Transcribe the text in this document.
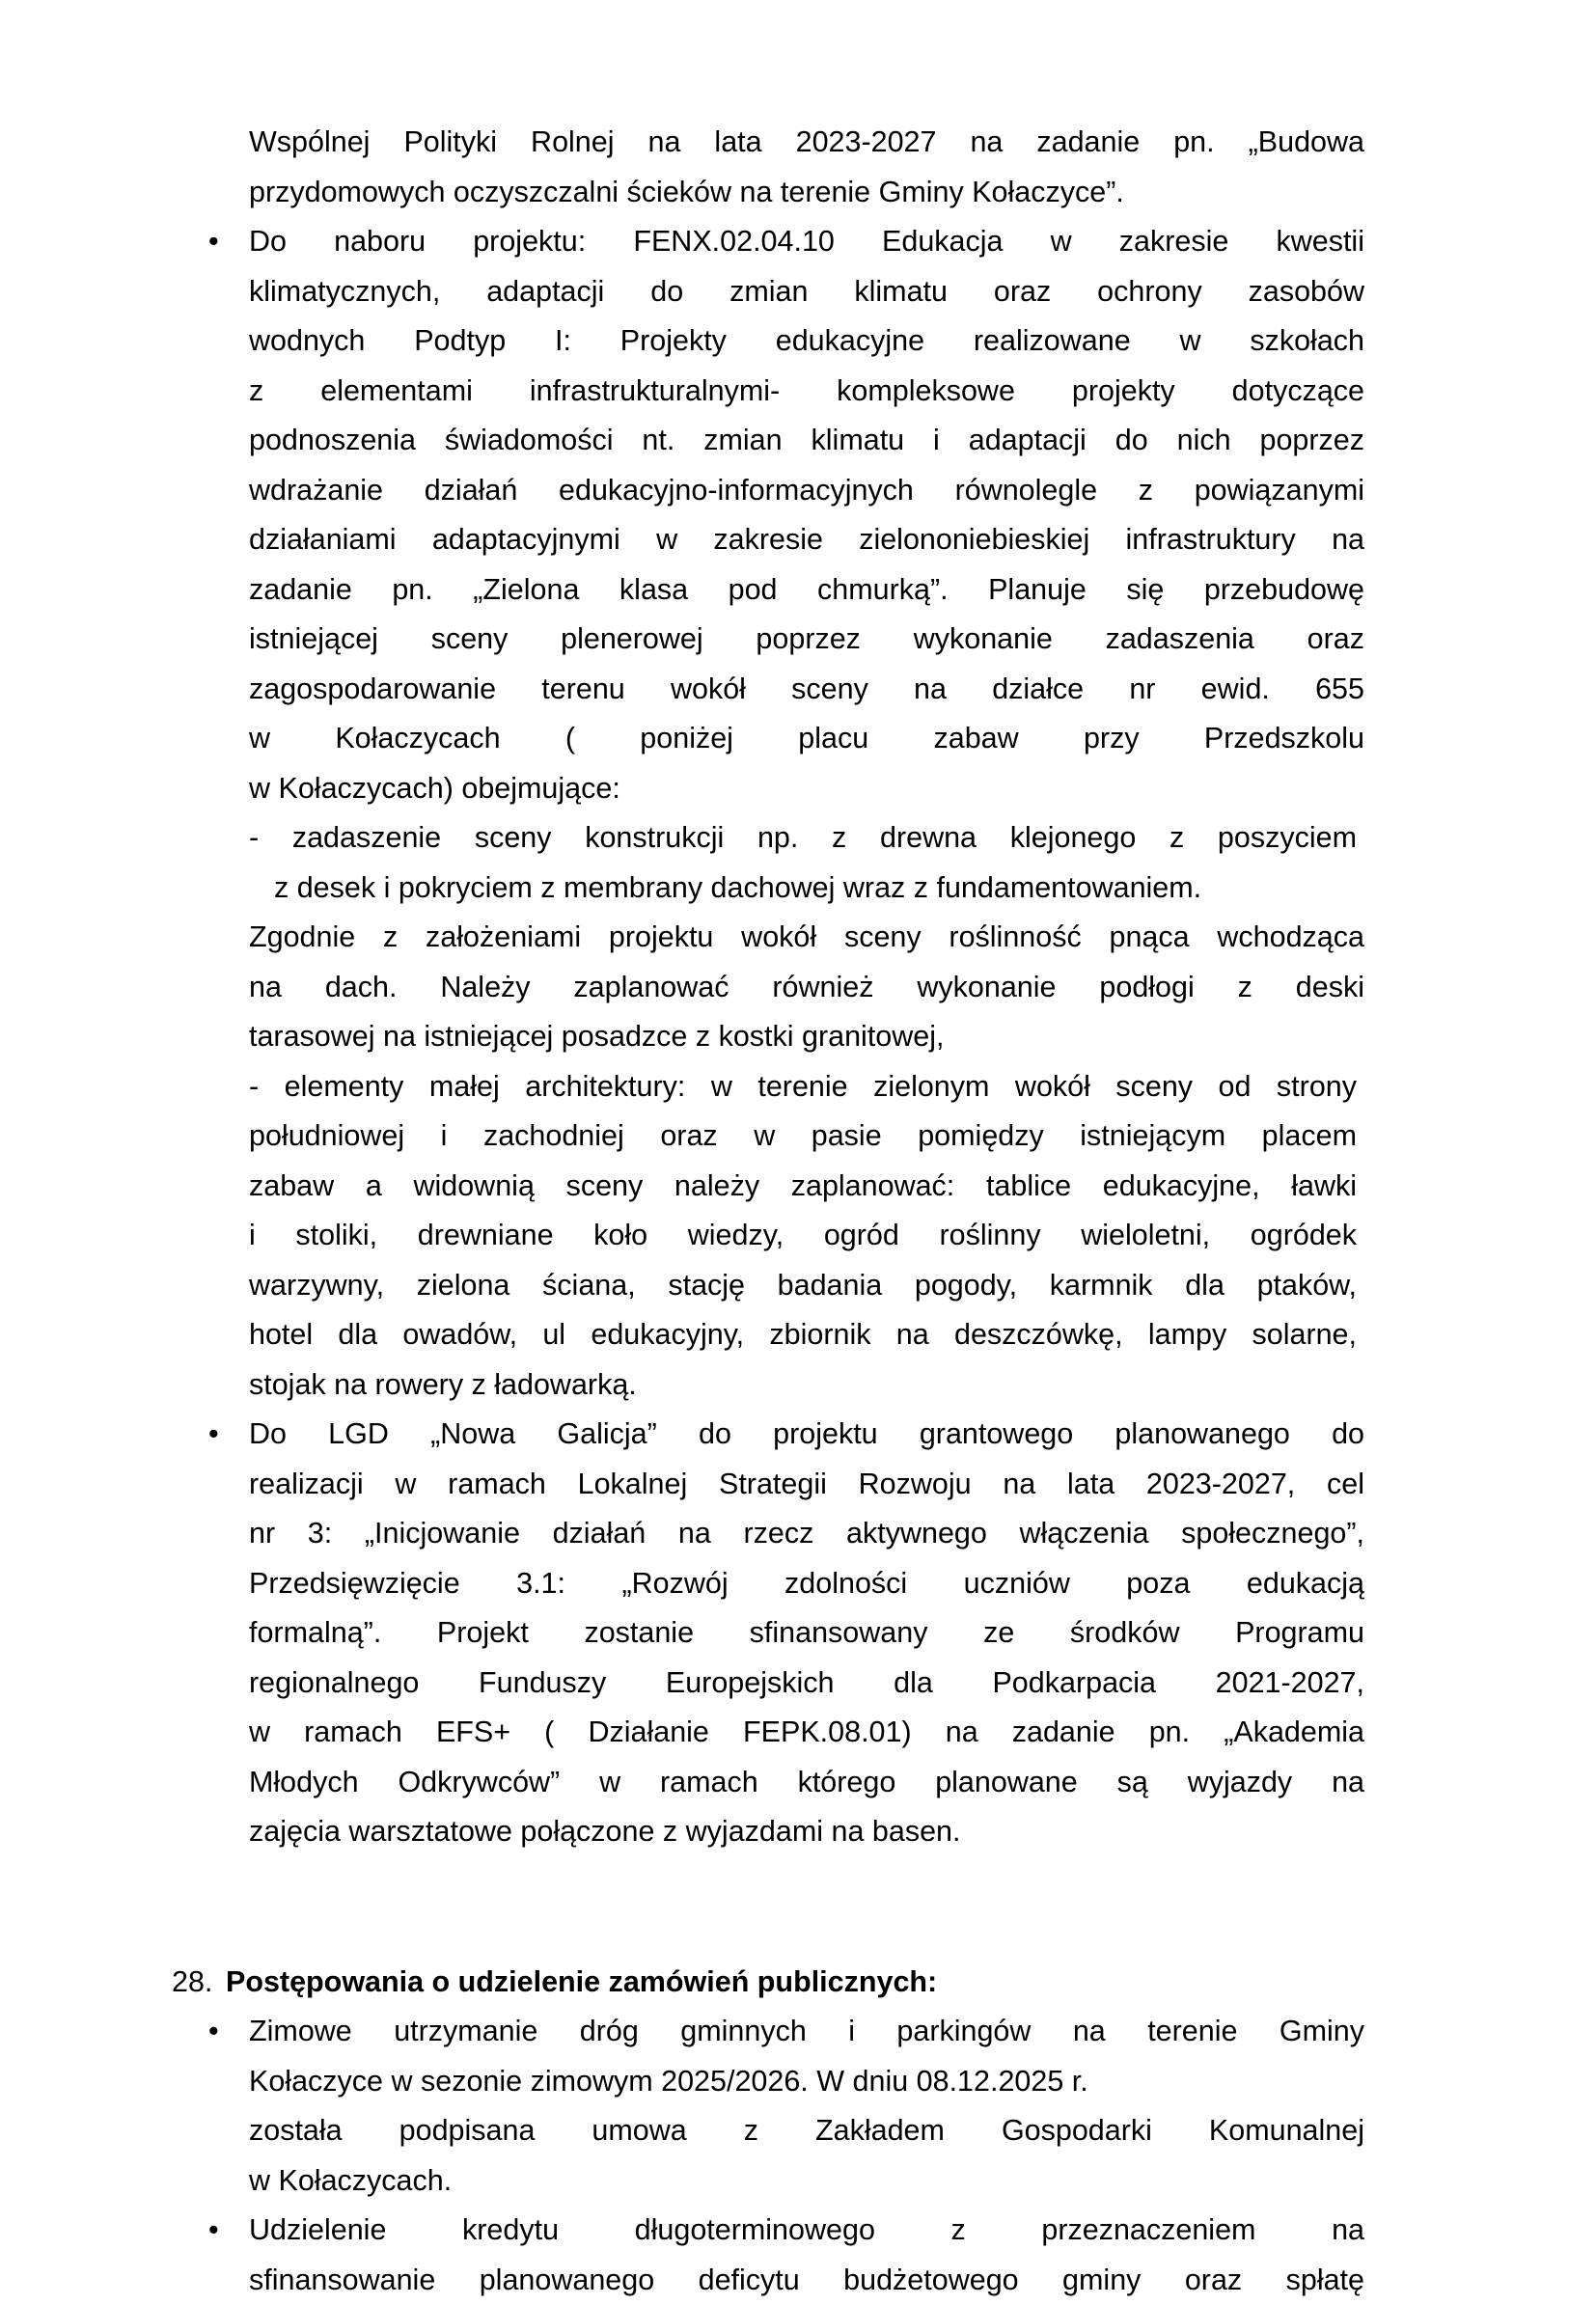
Wspólnej Polityki Rolnej na lata 2023-2027 na zadanie pn. „Budowa
przydomowych oczyszczalni ścieków na terenie Gminy Kołaczyce”.
•	Do naboru projektu: FENX.02.04.10 Edukacja w zakresie kwestii
klimatycznych, adaptacji do zmian klimatu oraz ochrony zasobów
wodnych Podtyp I: Projekty edukacyjne realizowane w szkołach
z elementami infrastrukturalnymi- kompleksowe projekty dotyczące
podnoszenia świadomości nt. zmian klimatu i adaptacji do nich poprzez
wdrażanie działań edukacyjno-informacyjnych równolegle z powiązanymi
działaniami adaptacyjnymi w zakresie zielononiebieskiej infrastruktury na
zadanie pn. „Zielona klasa pod chmurką”. Planuje się przebudowę
istniejącej sceny plenerowej poprzez wykonanie zadaszenia oraz
zagospodarowanie terenu wokół sceny na działce nr ewid. 655
w Kołaczycach ( poniżej placu zabaw przy Przedszkolu
w Kołaczycach) obejmujące:
- zadaszenie sceny konstrukcji np. z drewna klejonego z poszyciem
z desek i pokryciem z membrany dachowej wraz z fundamentowaniem.
Zgodnie z założeniami projektu wokół sceny roślinność pnąca wchodząca
na dach. Należy zaplanować również wykonanie podłogi z deski
tarasowej na istniejącej posadzce z kostki granitowej,
- elementy małej architektury: w terenie zielonym wokół sceny od strony
południowej i zachodniej oraz w pasie pomiędzy istniejącym placem
zabaw a widownią sceny należy zaplanować: tablice edukacyjne, ławki
i stoliki, drewniane koło wiedzy, ogród roślinny wieloletni, ogródek
warzywny, zielona ściana, stację badania pogody, karmnik dla ptaków,
hotel dla owadów, ul edukacyjny, zbiornik na deszczówkę, lampy solarne,
stojak na rowery z ładowarką.
•	Do LGD „Nowa Galicja” do projektu grantowego planowanego do
realizacji w ramach Lokalnej Strategii Rozwoju na lata 2023-2027, cel
nr 3: „Inicjowanie działań na rzecz aktywnego włączenia społecznego”,
Przedsięwzięcie 3.1: „Rozwój zdolności uczniów poza edukacją
formalną”. Projekt zostanie sfinansowany ze środków Programu
regionalnego Funduszy Europejskich dla Podkarpacia 2021-2027,
w ramach EFS+ ( Działanie FEPK.08.01) na zadanie pn. „Akademia
Młodych Odkrywców” w ramach którego planowane są wyjazdy na
zajęcia warsztatowe połączone z wyjazdami na basen.
28. Postępowania o udzielenie zamówień publicznych:
•	Zimowe utrzymanie dróg gminnych i parkingów na terenie Gminy
Kołaczyce w sezonie zimowym 2025/2026. W dniu 08.12.2025 r.
została podpisana umowa z Zakładem Gospodarki Komunalnej
w Kołaczycach.
•	Udzielenie kredytu długoterminowego z przeznaczeniem na
sfinansowanie planowanego deficytu budżetowego gminy oraz spłatę
